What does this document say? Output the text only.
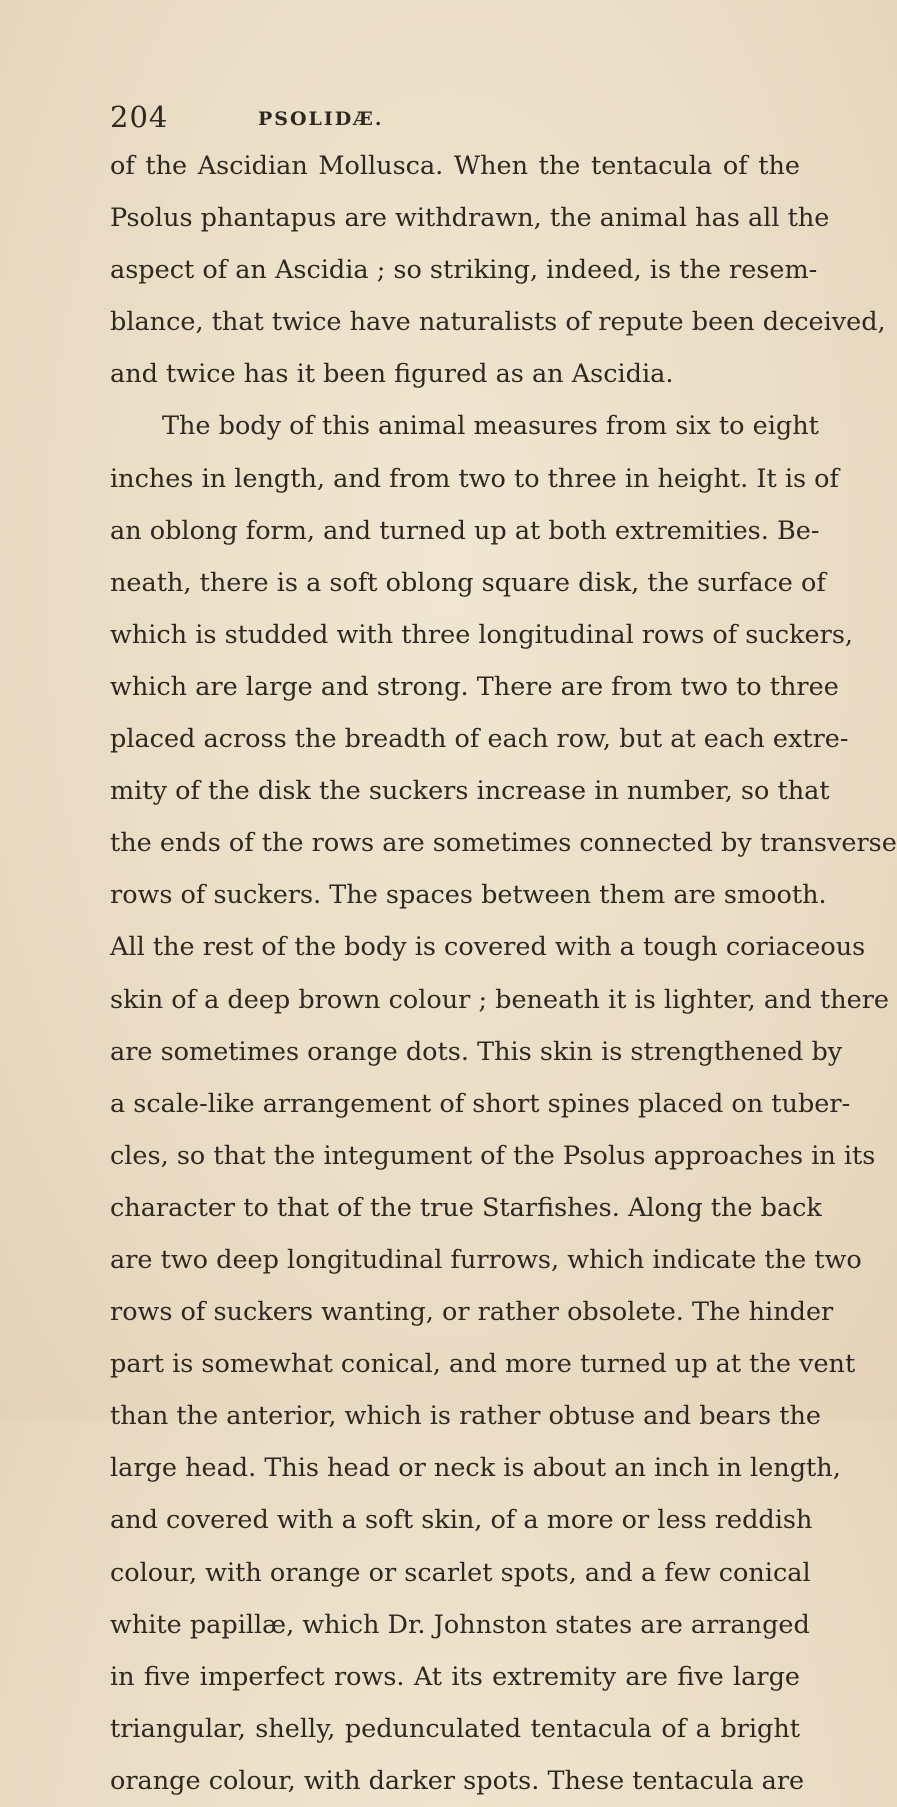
204	PSOLIDÆ.
of the Ascidian Mollusca. When the tentacula of the
Psolus phantapus are withdrawn, the animal has all the
aspect of an Ascidia ; so striking, indeed, is the resem-
blance, that twice have naturalists of repute been deceived,
and twice has it been figured as an Ascidia.
The body of this animal measures from six to eight
inches in length, and from two to three in height. It is of
an oblong form, and turned up at both extremities. Be-
neath, there is a soft oblong square disk, the surface of
which is studded with three longitudinal rows of suckers,
which are large and strong. There are from two to three
placed across the breadth of each row, but at each extre-
mity of the disk the suckers increase in number, so that
the ends of the rows are sometimes connected by transverse
rows of suckers. The spaces between them are smooth.
All the rest of the body is covered with a tough coriaceous
skin of a deep brown colour ; beneath it is lighter, and there
are sometimes orange dots. This skin is strengthened by
a scale-like arrangement of short spines placed on tuber-
cles, so that the integument of the Psolus approaches in its
character to that of the true Starfishes. Along the back
are two deep longitudinal furrows, which indicate the two
rows of suckers wanting, or rather obsolete. The hinder
part is somewhat conical, and more turned up at the vent
than the anterior, which is rather obtuse and bears the
large head. This head or neck is about an inch in length,
and covered with a soft skin, of a more or less reddish
colour, with orange or scarlet spots, and a few conical
white papillæ, which Dr. Johnston states are arranged
in five imperfect rows. At its extremity are five large
triangular, shelly, pedunculated tentacula of a bright
orange colour, with darker spots. These tentacula are
